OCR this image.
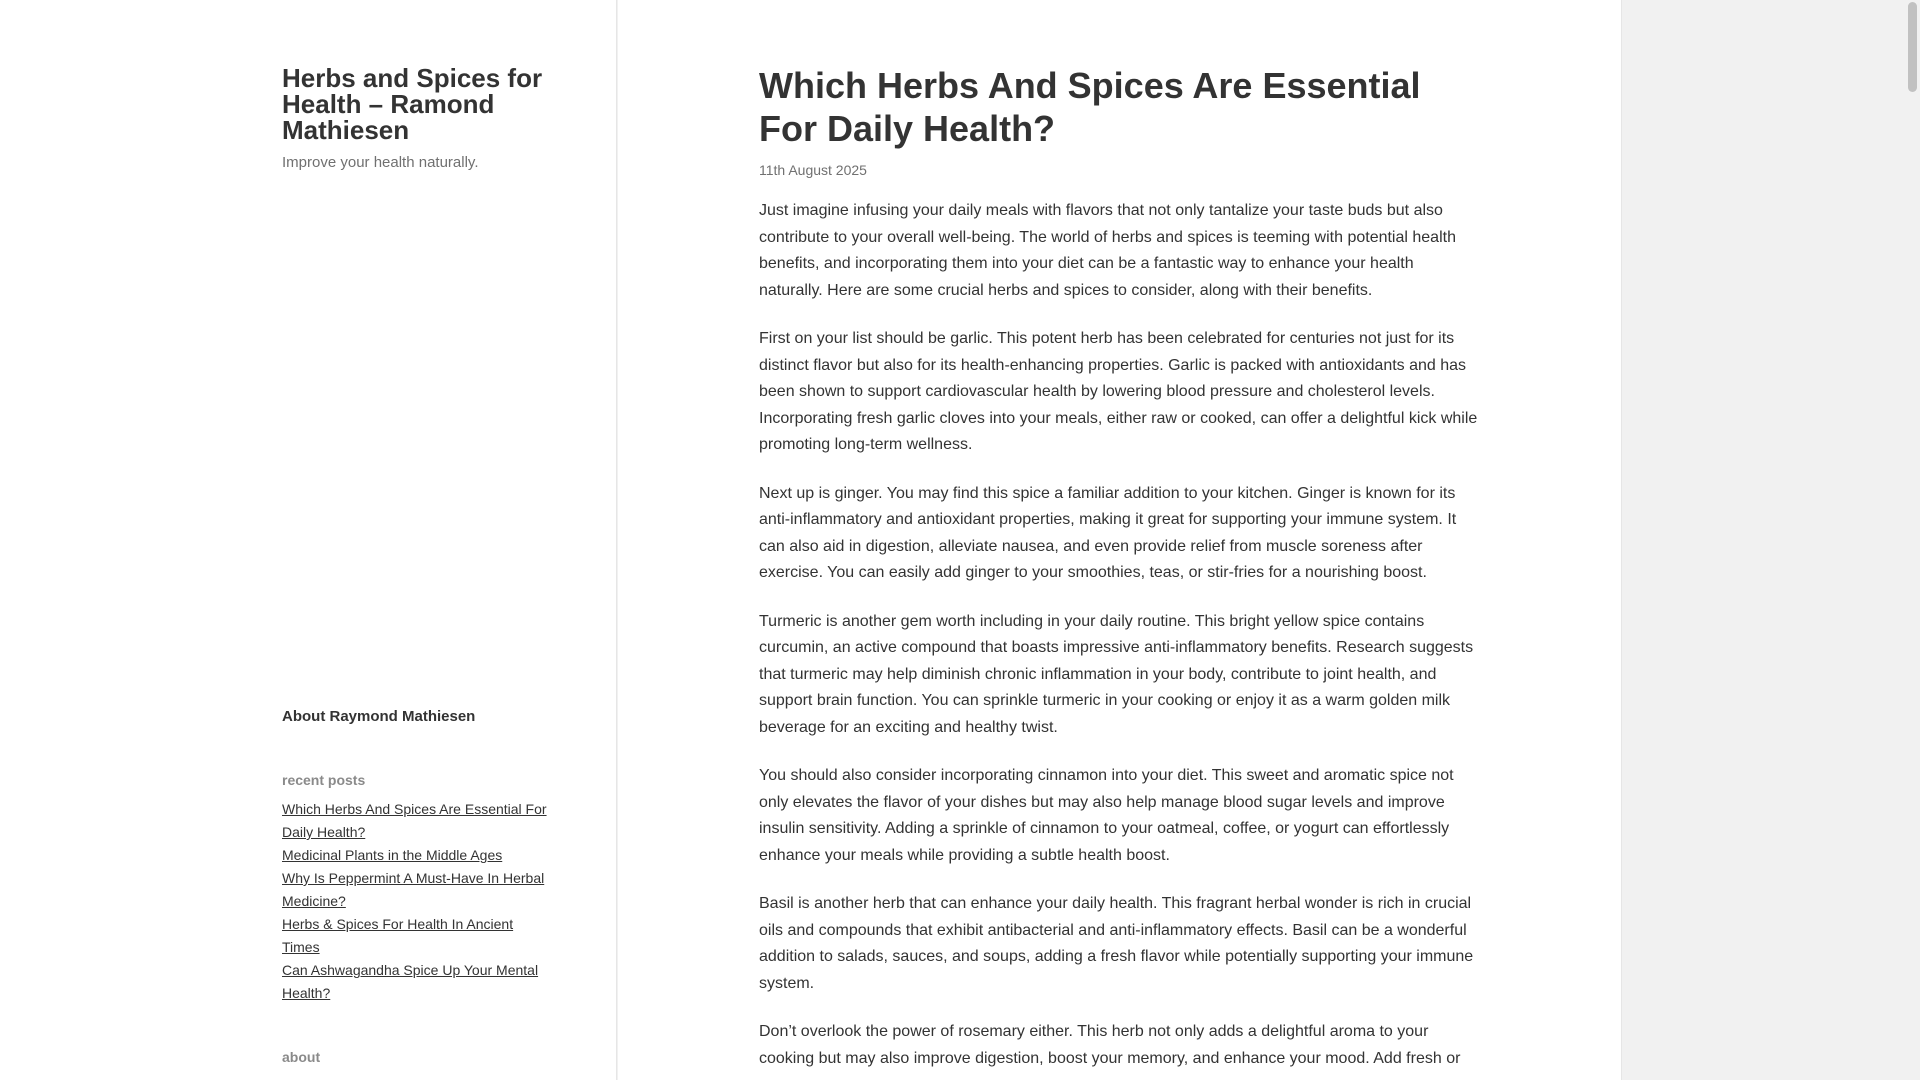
Herbs and Spices for Health – Ramond Mathiesen

Improve your health naturally.

About Raymond Mathiesen
recent posts
Which Herbs And Spices Are Essential For Daily Health?
Medicinal Plants in the Middle Ages
Why Is Peppermint A Must-Have In Herbal Medicine?
Herbs & Spices For Health In Ancient Times
Can Ashwagandha Spice Up Your Mental Health?
about
Which Herbs And Spices Are Essential For Daily Health?
11th August 2025

Just imagine infusing your daily meals with flavors that not only tantalize your taste buds but also contribute to your overall well-being. The world of herbs and spices is teeming with potential health benefits, and incorporating them into your diet can be a fantastic way to enhance your health naturally. Here are some crucial herbs and spices to consider, along with their benefits.

First on your list should be garlic. This potent herb has been celebrated for centuries not just for its distinct flavor but also for its health-enhancing properties. Garlic is packed with antioxidants and has been shown to support cardiovascular health by lowering blood pressure and cholesterol levels. Incorporating fresh garlic cloves into your meals, either raw or cooked, can offer a delightful kick while promoting long-term wellness.

Next up is ginger. You may find this spice a familiar addition to your kitchen. Ginger is known for its anti-inflammatory and antioxidant properties, making it great for supporting your immune system. It can also aid in digestion, alleviate nausea, and even provide relief from muscle soreness after exercise. You can easily add ginger to your smoothies, teas, or stir-fries for a nourishing boost.

Turmeric is another gem worth including in your daily routine. This bright yellow spice contains curcumin, an active compound that boasts impressive anti-inflammatory benefits. Research suggests that turmeric may help diminish chronic inflammation in your body, contribute to joint health, and support brain function. You can sprinkle turmeric in your cooking or enjoy it as a warm golden milk beverage for an exciting and healthy twist.

You should also consider incorporating cinnamon into your diet. This sweet and aromatic spice not only elevates the flavor of your dishes but may also help manage blood sugar levels and improve insulin sensitivity. Adding a sprinkle of cinnamon to your oatmeal, coffee, or yogurt can effortlessly enhance your meals while providing a subtle health boost.

Basil is another herb that can enhance your daily health. This fragrant herbal wonder is rich in crucial oils and compounds that exhibit antibacterial and anti-inflammatory effects. Basil can be a wonderful addition to salads, sauces, and soups, adding a fresh flavor while potentially supporting your immune system.

Don’t overlook the power of rosemary either. This herb not only adds a delightful aroma to your cooking but may also improve digestion, boost your memory, and enhance your mood. Add fresh or
